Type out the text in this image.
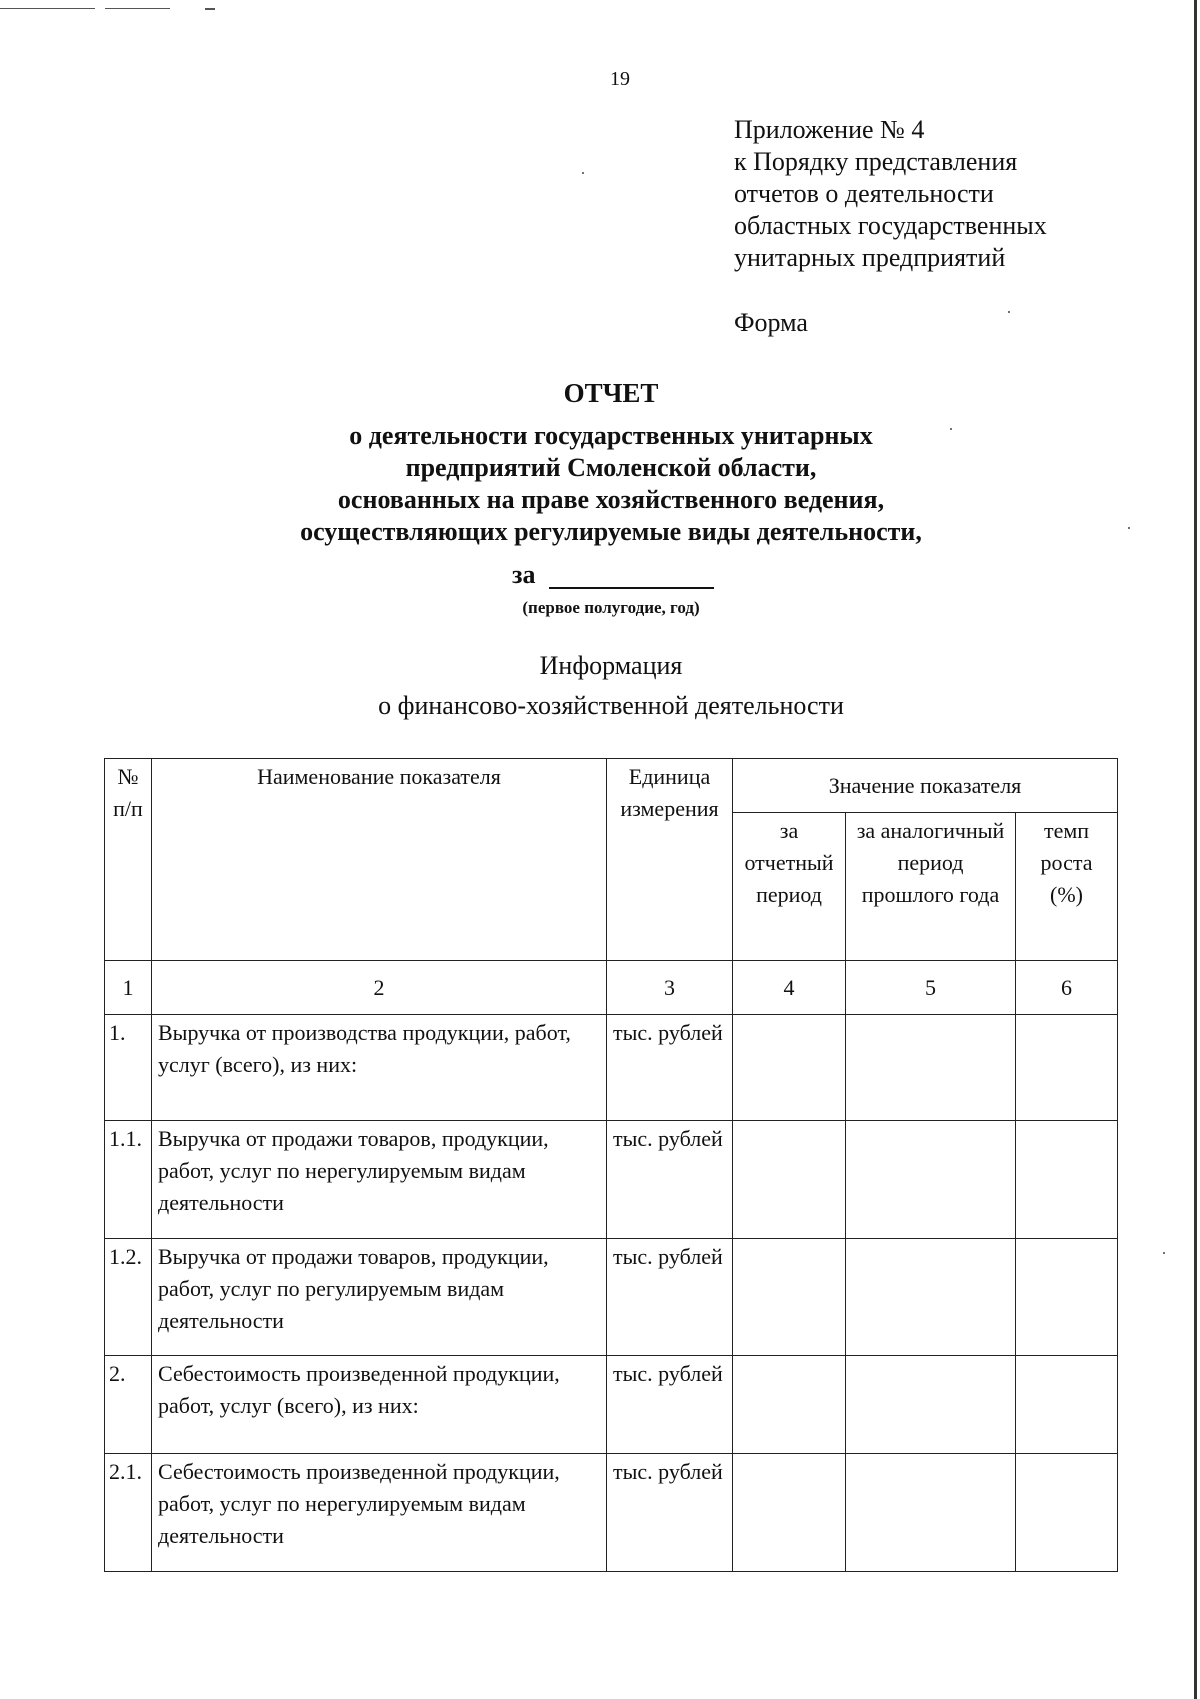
19
Приложение № 4
к Порядку представления
отчетов о деятельности
областных государственных
унитарных предприятий
Форма
ОТЧЕТ
о деятельности государственных унитарных
предприятий Смоленской области,
основанных на праве хозяйственного ведения,
осуществляющих регулируемые виды деятельности,
за
(первое полугодие, год)
Информация
о финансово-хозяйственной деятельности
№ п/п	Наименование показателя	Единица измерения	Значение показателя		
			за отчетный период	за аналогичный период прошлого года	темп роста (%)
1	2	3	4	5	6
1.	Выручка от производства продукции, работ, услуг (всего), из них:	тыс. рублей			
1.1.	Выручка от продажи товаров, продукции, работ, услуг по нерегулируемым видам деятельности	тыс. рублей			
1.2.	Выручка от продажи товаров, продукции, работ, услуг по регулируемым видам деятельности	тыс. рублей			
2.	Себестоимость произведенной продукции, работ, услуг (всего), из них:	тыс. рублей			
2.1.	Себестоимость произведенной продукции, работ, услуг по нерегулируемым видам деятельности	тыс. рублей			
